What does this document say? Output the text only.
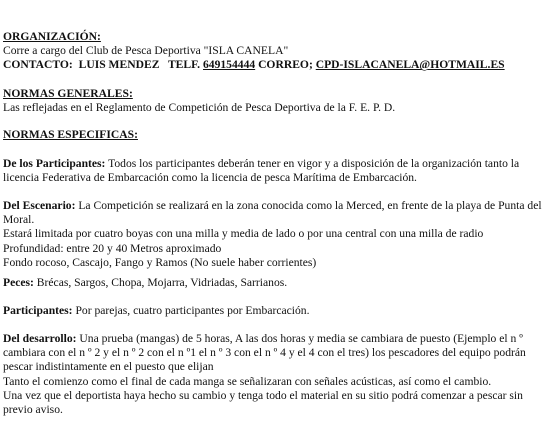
ORGANIZACIÓN:

Corre a cargo del Club de Pesca Deportiva "ISLA CANELA"

CONTACTO: LUIS MENDEZ TELF. 649154444 CORREO; CPD-ISLACANELA@HOTMAIL.ES

NORMAS GENERALES:

Las reflejadas en el Reglamento de Competición de Pesca Deportiva de la F. E. P. D.

NORMAS ESPECIFICAS:

De los Participantes: Todos los participantes deberán tener en vigor y a disposición de la organización tanto la licencia Federativa de Embarcación como la licencia de pesca Marítima de Embarcación.

Del Escenario: La Competición se realizará en la zona conocida como la Merced, en frente de la playa de Punta del Moral.

Estará limitada por cuatro boyas con una milla y media de lado o por una central con una milla de radio

Profundidad: entre 20 y 40 Metros aproximado

Fondo rocoso, Cascajo, Fango y Ramos (No suele haber corrientes)

Peces: Brécas, Sargos, Chopa, Mojarra, Vidriadas, Sarrianos.

Participantes: Por parejas, cuatro participantes por Embarcación.

Del desarrollo: Una prueba (mangas) de 5 horas, A las dos horas y media se cambiara de puesto (Ejemplo el n º cambiara con el n º 2 y el n º 2 con el n º1 el n º 3 con el n º 4 y el 4 con el tres) los pescadores del equipo podrán pescar indistintamente en el puesto que elijan

Tanto el comienzo como el final de cada manga se señalizaran con señales acústicas, así como el cambio.

Una vez que el deportista haya hecho su cambio y tenga todo el material en su sitio podrá comenzar a pescar sin previo aviso.
